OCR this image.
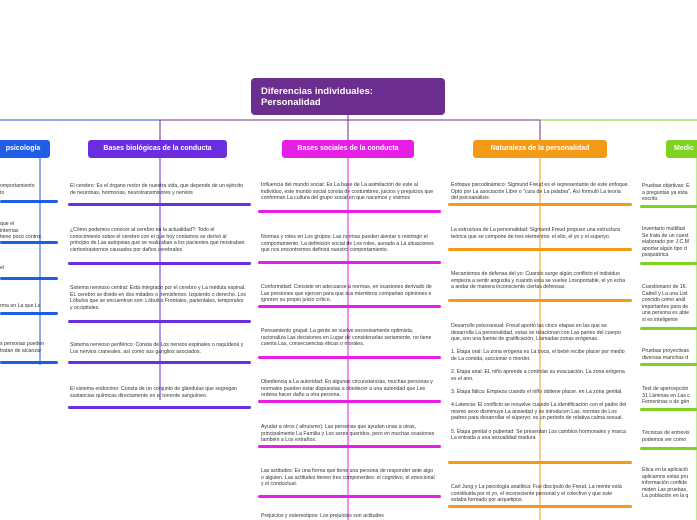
Diferencias individuales: Personalidad
psicología	Bases biológicas de la conducta	Bases sociales de la conducta	Naturaleza de la personalidad	Medic
omportamiento
to
que el
internas
tiene poco control.
el
rma en La que La
s personas pueden
tratan de alcanzar
El cerebro: Es el órgano rector de nuestra vida, que depende de un ejército de neuronas, hormonas, neurotransmisores y nervios
¿Cómo podemos conocer al cerebro en la actualidad?: Todo el conocimiento sobre el cerebro con el que hoy contamos se derivó al principio de Las autopsias que se realizaban a los pacientes que mostraban ciertostrastornos causados por daños cerebrales
Sistema nervioso central: Está integrado por el cerebro y La médula espinal. EL cerebro se divide en dos mitades o hemisferios: Izquierdo o derecho. Los Lóbulos que se encuentran son: Lóbulos Frontales, parientales, temporales y occipitales.
Sistema nervioso periférico: Consta de Los nervios espinales o raquídeos y Los nervios craneales, así como sus ganglios asociados.
El sistema endocrino: Consta de un conjunto de glándulas que segregan sustancias químicas directamente en el torrente sanguíneo.
Influencia del mundo social: Es La base de La asimilación de este al individuo, este mundo social consta de costumbres, juicios y prejuicios que conforman La cultura del grupo social en que nacemos y vivimos
Normas y roles en Los grupos: Las normas pueden alentar o restringir el comportamiento. La definición social de Los roles, aunado a La situaciones que nos encontremos definirá nuestro comportamiento.
Conformidad: Consiste en adecuarse a normas, en ocasiones derivado de Las presiones que ejercen para que sus miembros compartan opiniones e ignoren su propio juicio crítico.
Pensamiento grupal: La gente se vuelve excesivamente optimista, racionaliza Las decisiones en Lugar de considerarlas seriamente, no tiene cuenta Las, consecuencias éticas o morales.
Obediencia a La autoridad: En algunas circunstancias, muchas personas y normales pueden estar dispuestas a obedecer a una autoridad que Les ordena hacer daño a otra persona.
Ayudar a otros ( altruismo): Las personas que ayudan unas a otras, principalmente La Familia y Los seres queridos, pero en muchas ocasiones también a Los extraños.
Las actitudes: Es una forma que tiene una persona de responder ante algo o alguien. Las actitudes tienen tres componentes: el cognitivo, el emocional y el conductual.
Prejuicios y estereotipos: Los prejuicios son actitudes
Enfoque psicodinámico: Sigmund Freud es el representante de este enfoque. Optó por La asociación Libre o "cura de La palabra". Así formuló La teoría del psicoanálisis.
La estructura de La personalidad: Sigmund Freud propuso una estructura teórica que se compone de tres elementos: el ello, el yo y el superyo.
Mecanismos de defensa del yo: Cuando surge algún conflicto el individuo empieza a sentir angustia y cuando esta se vuelve Lnsoportable, el yo echa a andar de manera inconsciente ciertas defensas.
Desarrollo psicosexual: Freud aportó las cinco etapas en las que se desarrolla La personalidad, estas se relacionan con Las partes del cuerpo que, son una fuente de gratificación, Llamadas zonas erógenas.

1. Etapa oral: La zona erógena es La boca, el bebé recibe placer por medio de La comida, succionar o morder.

2. Etapa anal: EL niño aprende a controlar su evacuación. La zona erógena es el ano.

3. Etapa fálica: Empieza cuando el niño obtiene placer. en La zona genital.

4.Latencia: El conflicto se resuelve cuando La identificación con el padre del mismo sexo disminuye La ansiedad y se introducen Las. normas de Los padres para desarrollar el súperyo; es un periodo de relativa calma sexual.

5. Etapa genital o pubertad: Se presentan Los cambios hormonales y marca La entrada a una sexualidad madura
Carl Jung y La psicología analítica: Fue discípulo de Freud. La mente está constituida por el yo, el inconsciente personal y el colectivo y que este estaba formado por arquetipos.
Pruebas objetivas: E
a preguntas ya esta
escrito.
Inventario multifasi
Se trata de un cuest
elaborado por J.C.M
aportar algún tipo d
psiquiátrica
Cuestionario de 16.
Cattell y La una List
concido como anál
importantes para de
una persona es abie
si es inteligente
Pruebas proyectivas
diversas manchas d
Test de apercepción
31 Láminas en Las c
Femeninas o de gén
Técnicas de entrevis
podemos ver como
Ética en la aplicació
aplicamos estas pru
información confide
miden Las pruebas,
La población en la q
